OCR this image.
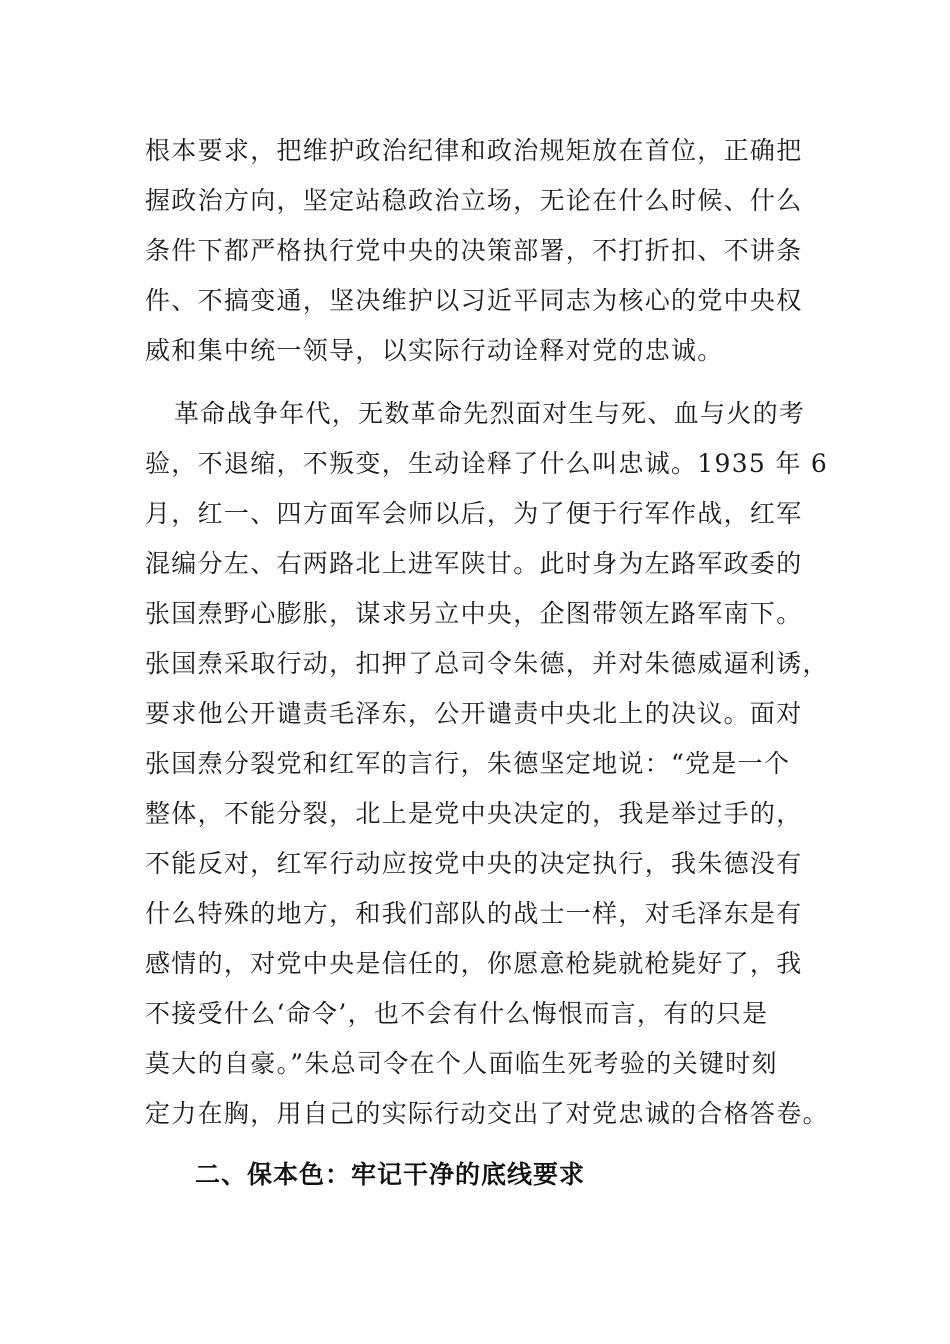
根本要求，把维护政治纪律和政治规矩放在首位，正确把
握政治方向，坚定站稳政治立场，无论在什么时候、什么
条件下都严格执行党中央的决策部署，不打折扣、不讲条
件、不搞变通，坚决维护以习近平同志为核心的党中央权
威和集中统一领导，以实际行动诠释对党的忠诚。
革命战争年代，无数革命先烈面对生与死、血与火的考
验，不退缩，不叛变，生动诠释了什么叫忠诚。1935 年 6
月，红一、四方面军会师以后，为了便于行军作战，红军
混编分左、右两路北上进军陕甘。此时身为左路军政委的
张国焘野心膨胀，谋求另立中央，企图带领左路军南下。
张国焘采取行动，扣押了总司令朱德，并对朱德威逼利诱，
要求他公开谴责毛泽东，公开谴责中央北上的决议。面对
张国焘分裂党和红军的言行，朱德坚定地说：“党是一个
整体，不能分裂，北上是党中央决定的，我是举过手的，
不能反对，红军行动应按党中央的决定执行，我朱德没有
什么特殊的地方，和我们部队的战士一样，对毛泽东是有
感情的，对党中央是信任的，你愿意枪毙就枪毙好了，我
不接受什么‘命令’，也不会有什么悔恨而言，有的只是
莫大的自豪。”朱总司令在个人面临生死考验的关键时刻
定力在胸，用自己的实际行动交出了对党忠诚的合格答卷。
二、保本色：牢记干净的底线要求
